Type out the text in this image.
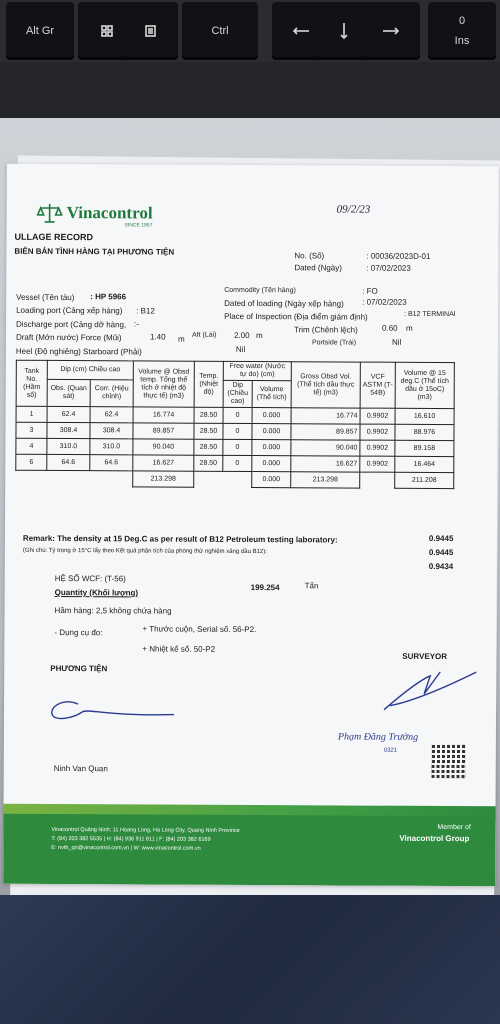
Alt Gr	Ctrl
0
Ins
Vinacontrol
SINCE 1957
09/2/23
ULLAGE RECORD
BIÊN BẢN TÌNH HÀNG TẠI PHƯƠNG TIỆN	No. (Số)	: 00036/2023D-01
Dated (Ngày)	: 07/02/2023
Commodity (Tên hàng)	: FO
Vessel (Tên tàu) : HP 5966
Dated of loading (Ngày xếp hàng) : 07/02/2023
Loading port (Cảng xếp hàng) : B12
Place of Inspection (Địa điểm giám định)	: B12 TERMINAl
Discharge port (Cảng dỡ hàng, :-
Trim (Chênh lệch)	0.60 m
Draft (Mớn nước) Force (Mũi)	1.40 m Aft (Lái) 2.00 m
Portside (Trái)	Nil
Heel (Độ nghiêng) Starboard (Phải)	Nil
Tank No. (Hầm số)	Dip (cm) Chiều cao		Volume @ Obsd temp. Tổng thể tích ở nhiệt độ thực tế) (m3)	Temp. (Nhiệt độ)	Free water (Nước tự do) (cm)		Gross Obsd Vol. (Thể tích dầu thực tế) (m3)	VCF ASTM (T-54B)	Volume @ 15 deg.C (Thể tích dầu ở 15oC) (m3)
	Obs. (Quan sát)	Corr. (Hiệu chỉnh)			Dip (Chiều cao)	Volume (Thể tích)			
1	62.4	62.4	16.774	28.50	0	0.000	16.774	0.9902	16.610
3	308.4	308.4	89.857	28.50	0	0.000	89.857	0.9902	88.976
4	310.0	310.0	90.040	28.50	0	0.000	90.040	0.9902	89.158
6	64.6	64.6	16.627	28.50	0	0.000	16.627	0.9902	16.464
			213.298			0.000	213.298		211.208
Remark: The density at 15 Deg.C as per result of B12 Petroleum testing laboratory:	0.9445
(Ghi chú: Tỷ trọng ở 15°C lấy theo Kết quả phân tích của phòng thử nghiệm xăng dầu B12):	0.9445
0.9434
HỆ SỐ WCF: (T-56)
Quantity (Khối lượng)
199.254	Tấn
Hầm hàng: 2,5 không chứa hàng
- Dụng cụ đo:	+ Thước cuộn, Serial số. 56-P2.
+ Nhiệt kế số. 50-P2
SURVEYOR
PHƯƠNG TIỆN
Phạm Đăng Trường
0321
Ninh Van Quan
Vinacontrol Quảng Ninh: 11 Hoang Long, Ha Long City, Quang Ninh Province
T: (84) 203 382 5535 | H: (84) 936 911 811 | F: (84) 203 382 6169
E: nvth_qn@vinacontrol.com.vn | W: www.vinacontrol.com.vn
Member of
Vinacontrol Group
